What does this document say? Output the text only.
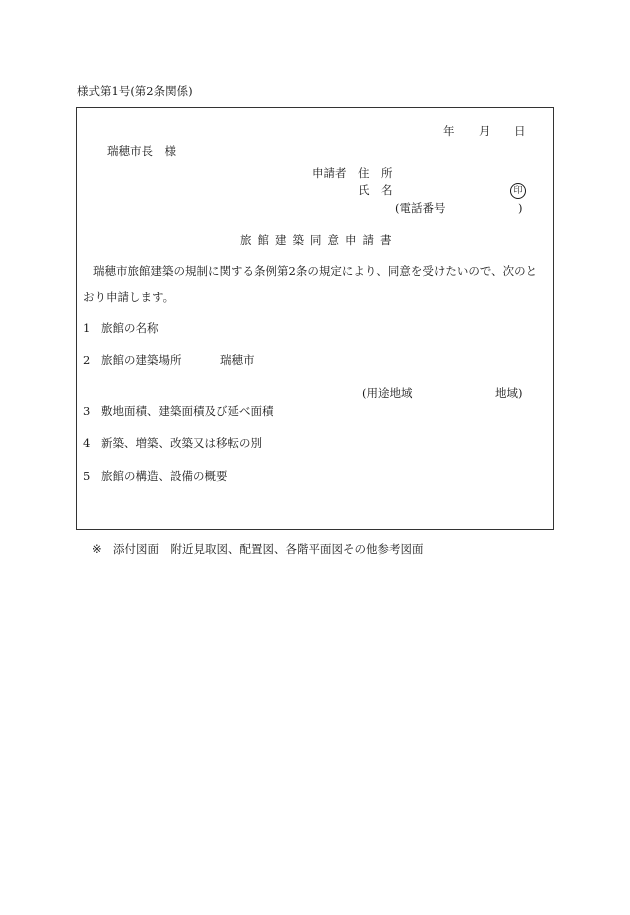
様式第1号(第2条関係)
年 月 日
瑞穂市長　様
申請者 住　所
氏　名	印
(電話番号	)
旅館建築同意申請書
瑞穂市旅館建築の規制に関する条例第2条の規定により、同意を受けたいので、次のと
おり申請します。
1 旅館の名称
2 旅館の建築場所	瑞穂市
(用途地域	地域)
3 敷地面積、建築面積及び延べ面積
4 新築、増築、改築又は移転の別
5 旅館の構造、設備の概要
※ 添付図面　附近見取図、配置図、各階平面図その他参考図面
